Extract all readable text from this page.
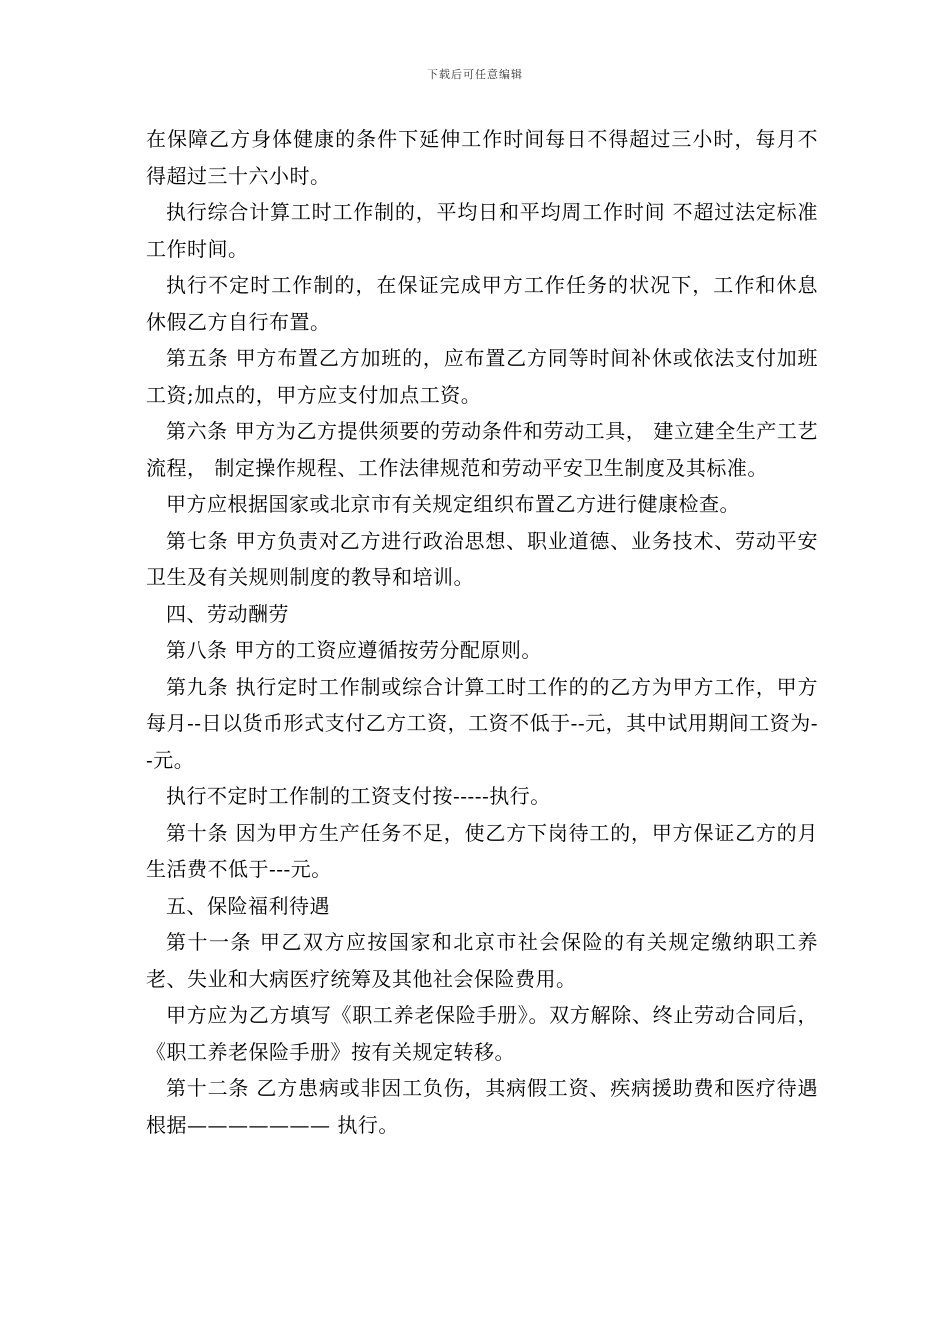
下载后可任意编辑

在保障乙方身体健康的条件下延伸工作时间每日不得超过三小时，每月不得超过三十六小时。

执行综合计算工时工作制的，平均日和平均周工作时间 不超过法定标准工作时间。

执行不定时工作制的，在保证完成甲方工作任务的状况下，工作和休息休假乙方自行布置。

第五条 甲方布置乙方加班的，应布置乙方同等时间补休或依法支付加班工资;加点的，甲方应支付加点工资。

第六条 甲方为乙方提供须要的劳动条件和劳动工具， 建立建全生产工艺流程， 制定操作规程、工作法律规范和劳动平安卫生制度及其标准。

甲方应根据国家或北京市有关规定组织布置乙方进行健康检查。

第七条 甲方负责对乙方进行政治思想、职业道德、业务技术、劳动平安卫生及有关规则制度的教导和培训。

四、劳动酬劳

第八条 甲方的工资应遵循按劳分配原则。

第九条 执行定时工作制或综合计算工时工作的的乙方为甲方工作，甲方每月--日以货币形式支付乙方工资，工资不低于--元，其中试用期间工资为--元。

执行不定时工作制的工资支付按-----执行。

第十条 因为甲方生产任务不足，使乙方下岗待工的，甲方保证乙方的月生活费不低于---元。

五、保险福利待遇

第十一条 甲乙双方应按国家和北京市社会保险的有关规定缴纳职工养老、失业和大病医疗统筹及其他社会保险费用。

甲方应为乙方填写《职工养老保险手册》。双方解除、终止劳动合同后，《职工养老保险手册》按有关规定转移。

第十二条 乙方患病或非因工负伤，其病假工资、疾病援助费和医疗待遇根据——————— 执行。
